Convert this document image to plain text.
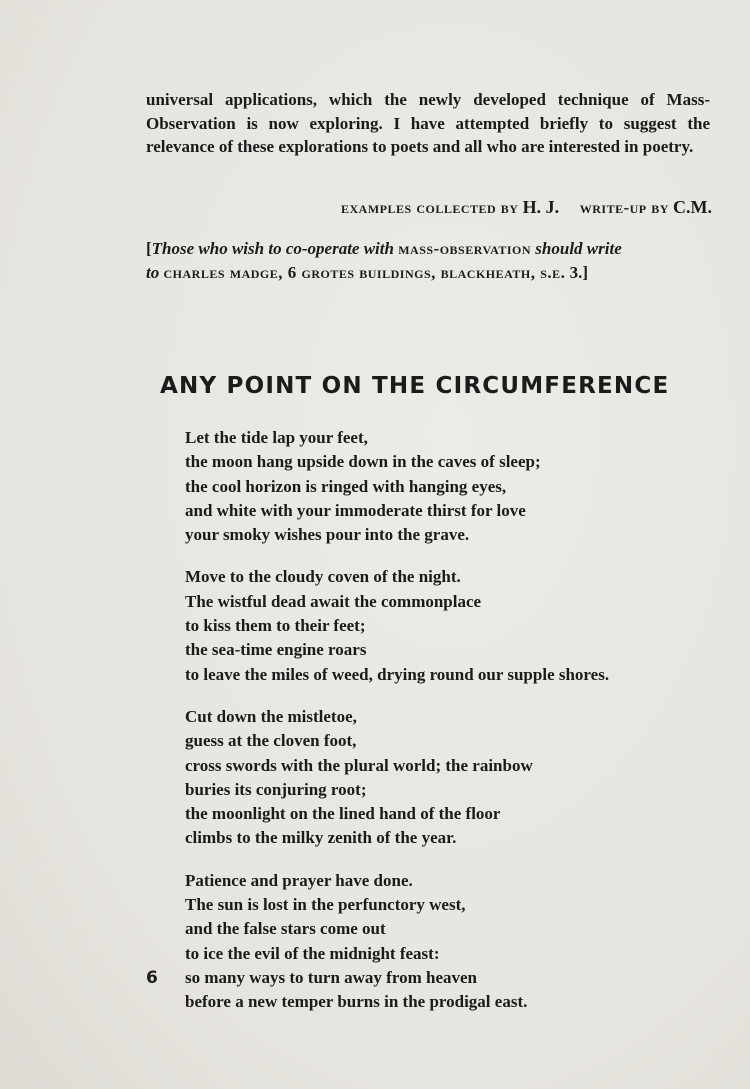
universal applications, which the newly developed technique of Mass-Observation is now exploring. I have attempted briefly to suggest the relevance of these explorations to poets and all who are interested in poetry.
examples collected by H. J. write-up by C.M.
[Those who wish to co-operate with mass-observation should write
to charles madge, 6 grotes buildings, blackheath, s.e. 3.]
ANY POINT ON THE CIRCUMFERENCE
Let the tide lap your feet,
the moon hang upside down in the caves of sleep;
the cool horizon is ringed with hanging eyes,
and white with your immoderate thirst for love
your smoky wishes pour into the grave.
Move to the cloudy coven of the night.
The wistful dead await the commonplace
to kiss them to their feet;
the sea-time engine roars
to leave the miles of weed, drying round our supple shores.
Cut down the mistletoe,
guess at the cloven foot,
cross swords with the plural world; the rainbow
buries its conjuring root;
the moonlight on the lined hand of the floor
climbs to the milky zenith of the year.
Patience and prayer have done.
The sun is lost in the perfunctory west,
and the false stars come out
to ice the evil of the midnight feast:
so many ways to turn away from heaven
before a new temper burns in the prodigal east.
6
